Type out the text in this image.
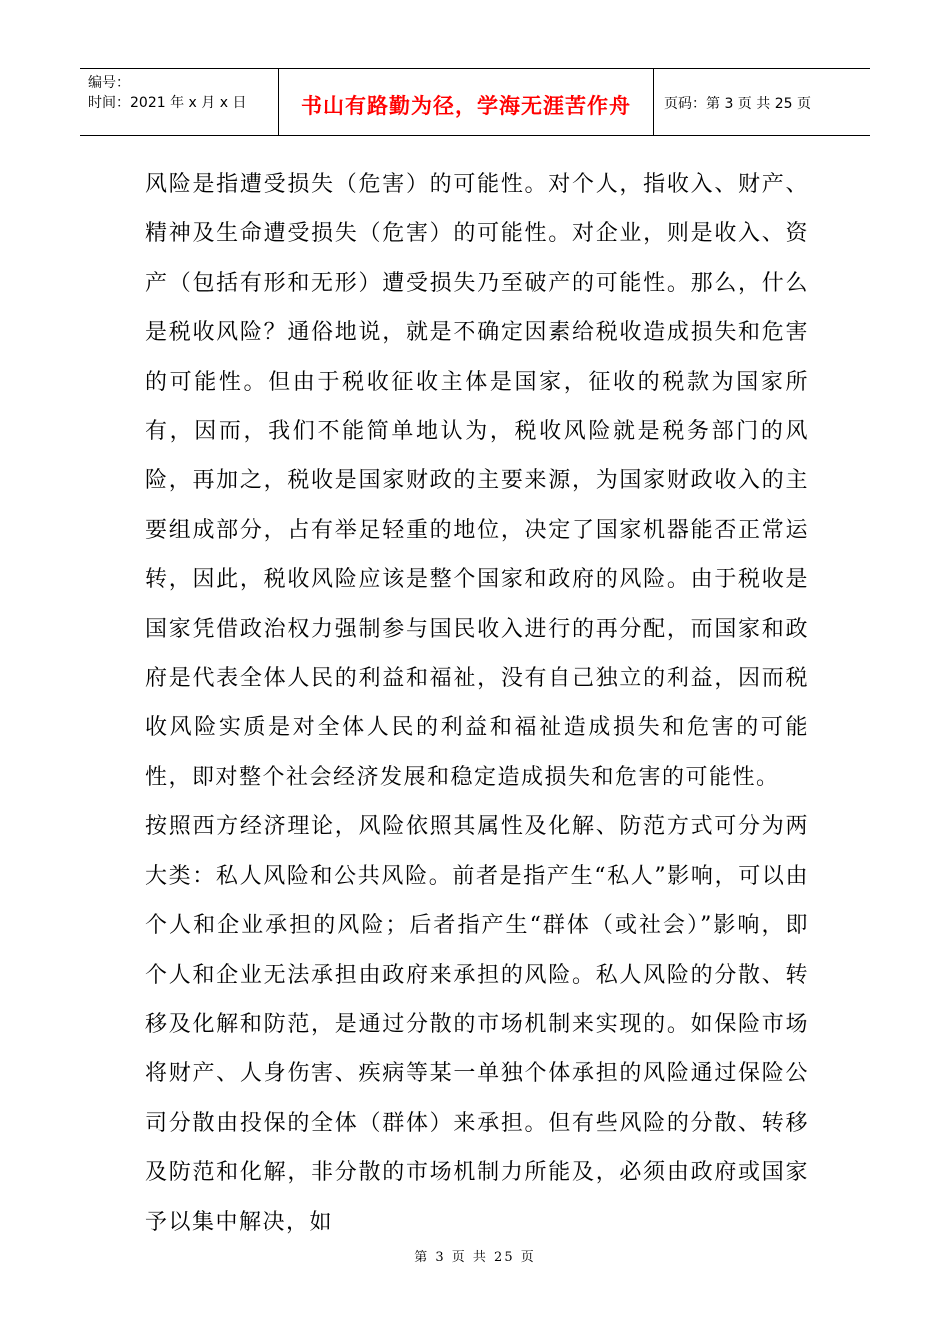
编号：
时间：2021 年 x 月 x 日	书山有路勤为径，学海无涯苦作舟	页码：第 3 页 共 25 页

风险是指遭受损失（危害）的可能性。对个人，指收入、财产、精神及生命遭受损失（危害）的可能性。对企业，则是收入、资产（包括有形和无形）遭受损失乃至破产的可能性。那么，什么是税收风险？通俗地说，就是不确定因素给税收造成损失和危害的可能性。但由于税收征收主体是国家，征收的税款为国家所有，因而，我们不能简单地认为，税收风险就是税务部门的风险，再加之，税收是国家财政的主要来源，为国家财政收入的主要组成部分，占有举足轻重的地位，决定了国家机器能否正常运转，因此，税收风险应该是整个国家和政府的风险。由于税收是国家凭借政治权力强制参与国民收入进行的再分配，而国家和政府是代表全体人民的利益和福祉，没有自己独立的利益，因而税收风险实质是对全体人民的利益和福祉造成损失和危害的可能性，即对整个社会经济发展和稳定造成损失和危害的可能性。

按照西方经济理论，风险依照其属性及化解、防范方式可分为两大类：私人风险和公共风险。前者是指产生“私人”影响，可以由个人和企业承担的风险；后者指产生“群体（或社会）”影响，即个人和企业无法承担由政府来承担的风险。私人风险的分散、转移及化解和防范，是通过分散的市场机制来实现的。如保险市场将财产、人身伤害、疾病等某一单独个体承担的风险通过保险公司分散由投保的全体（群体）来承担。但有些风险的分散、转移及防范和化解，非分散的市场机制力所能及，必须由政府或国家予以集中解决，如

第 3 页 共 25 页
